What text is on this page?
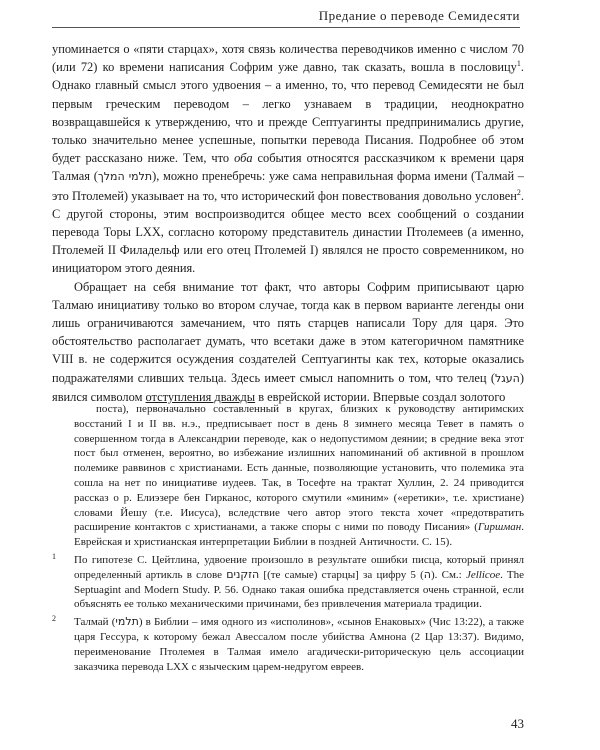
Предание о переводе Семидесяти

упоминается о «пяти старцах», хотя связь количества переводчиков именно с числом 70 (или 72) ко времени написания Софрим уже давно, так сказать, вошла в пословицу$^1$. Однако главный смысл этого удвоения – а именно, то, что перевод Семидесяти не был первым греческим переводом – легко узнаваем в традиции, неоднократно возвращавшейся к утверждению, что и прежде Септуагинты предпринимались другие, только значительно менее успешные, попытки перевода Писания. Подробнее об этом будет рассказано ниже. Тем, что оба события относятся рассказчиком к времени царя Талмая (תלמי המלך), можно пренебречь: уже сама неправильная форма имени (Талмай – это Птолемей) указывает на то, что исторический фон повествования довольно условен$^2$. С другой стороны, этим воспроизводится общее место всех сообщений о создании перевода Торы LXX, согласно которому представитель династии Птолемеев (а именно, Птолемей II Филадельф или его отец Птолемей I) являлся не просто современником, но инициатором этого деяния.

Обращает на себя внимание тот факт, что авторы Софрим приписывают царю Талмаю инициативу только во втором случае, тогда как в первом варианте легенды они лишь ограничиваются замечанием, что пять старцев написали Тору для царя. Это обстоятельство располагает думать, что всетаки даже в этом категоричном памятнике VIII в. не содержится осуждения создателей Септуагинты как тех, которые оказались подражателями сливших тельца. Здесь имеет смысл напомнить о том, что телец (העגל) явился символом отступления дважды в еврейской истории. Впервые создал золотого

поста), первоначально составленный в кругах, близких к руководству антиримских восстаний I и II вв. н.э., предписывает пост в день 8 зимнего месяца Тевет в память о совершенном тогда в Александрии переводе, как о недопустимом деянии; в средние века этот пост был отменен, вероятно, во избежание излишних напоминаний об активной в прошлом полемике раввинов с христианами. Есть данные, позволяющие установить, что полемика эта сошла на нет по инициативе иудеев. Так, в Тосефте на трактат Хуллин, 2. 24 приводится рассказ о р. Елиэзере бен Гирканос, которого смутили «миним» («еретики», т.е. христиане) словами Йешу (т.е. Иисуса), вследствие чего автор этого текста хочет «предотвратить расширение контактов с христианами, а также споры с ними по поводу Писания» (Гиршман. Еврейская и христианская интерпретации Библии в поздней Античности. С. 15).

1 По гипотезе С. Цейтлина, удвоение произошло в результате ошибки писца, который принял определенный артикль в слове הזקנים [(те самые) старцы] за цифру 5 (ה). См.: Jellicoe. The Septuagint and Modern Study. P. 56. Однако такая ошибка представляется очень странной, если объяснять ее только механическими причинами, без привлечения материала традиции.

2 Талмай (תלמי) в Библии – имя одного из «исполинов», «сынов Енаковых» (Чис 13:22), а также царя Гессура, к которому бежал Авессалом после убийства Амнона (2 Цар 13:37). Видимо, переименование Птолемея в Талмая имело агадически-риторическую цель ассоциации заказчика перевода LXX с языческим царем-недругом евреев.

43
